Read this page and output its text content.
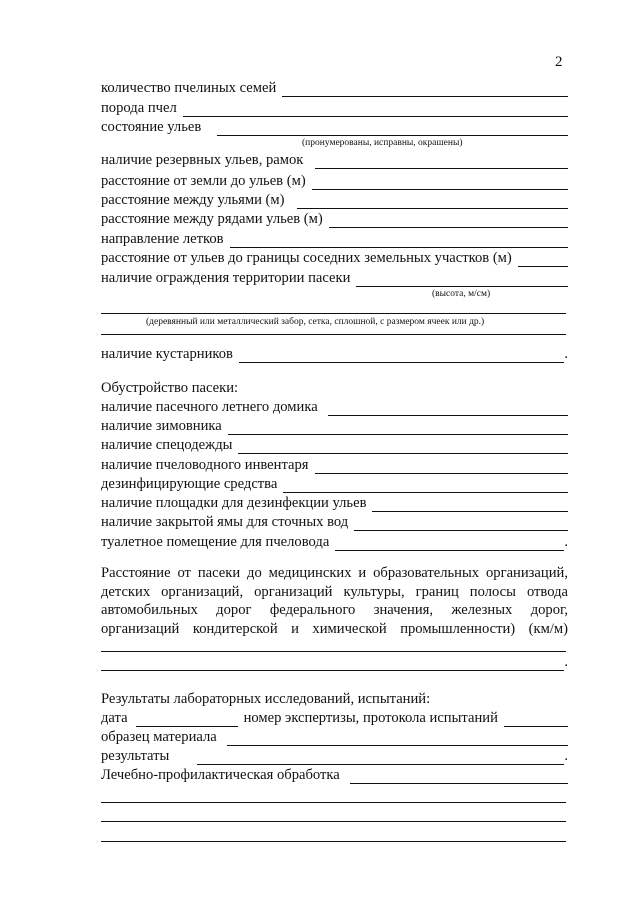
2
количество пчелиных семей
порода пчел
состояние ульев
(пронумерованы, исправны, окрашены)
наличие резервных ульев, рамок
расстояние от земли до ульев (м)
расстояние между ульями (м)
расстояние между рядами ульев (м)
направление летков
расстояние от ульев до границы соседних земельных участков (м)
наличие ограждения территории пасеки
(высота, м/см)
(деревянный или металлический забор, сетка, сплошной, с размером ячеек или др.)
наличие кустарников	.
Обустройство пасеки:
наличие пасечного летнего домика
наличие зимовника
наличие спецодежды
наличие пчеловодного инвентаря
дезинфицирующие средства
наличие площадки для дезинфекции ульев
наличие закрытой ямы для сточных вод
туалетное помещение для пчеловода	.
Расстояние от пасеки до медицинских и образовательных организаций,
детских организаций, организаций культуры, границ полосы отвода
автомобильных дорог федерального значения, железных дорог,
организаций кондитерской и химической промышленности) (км/м)
.
Результаты лабораторных исследований, испытаний:
дата	номер экспертизы, протокола испытаний
образец материала
результаты	.
Лечебно-профилактическая обработка
